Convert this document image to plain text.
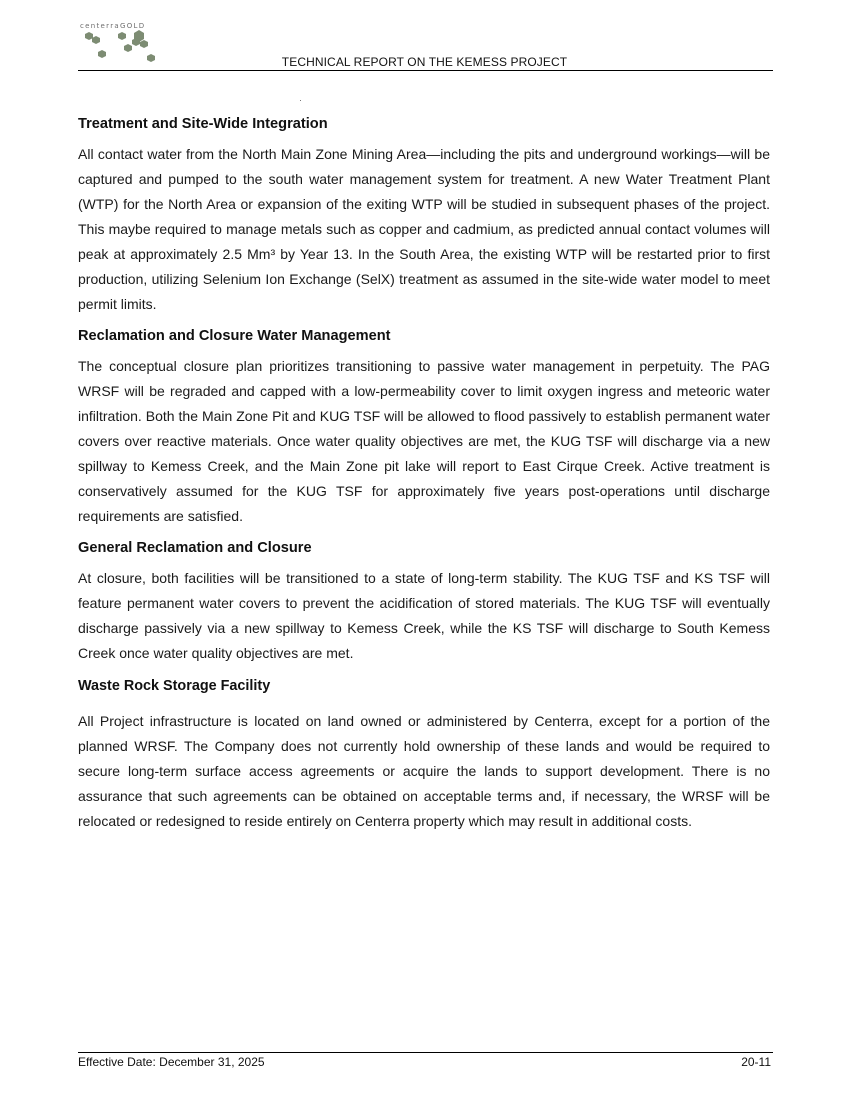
centerraGOLD
TECHNICAL REPORT ON THE KEMESS PROJECT
Treatment and Site-Wide Integration

All contact water from the North Main Zone Mining Area—including the pits and underground workings—will be captured and pumped to the south water management system for treatment. A new Water Treatment Plant (WTP) for the North Area or expansion of the exiting WTP will be studied in subsequent phases of the project. This maybe required to manage metals such as copper and cadmium, as predicted annual contact volumes will peak at approximately 2.5 Mm³ by Year 13. In the South Area, the existing WTP will be restarted prior to first production, utilizing Selenium Ion Exchange (SelX) treatment as assumed in the site-wide water model to meet permit limits.

Reclamation and Closure Water Management

The conceptual closure plan prioritizes transitioning to passive water management in perpetuity. The PAG WRSF will be regraded and capped with a low-permeability cover to limit oxygen ingress and meteoric water infiltration. Both the Main Zone Pit and KUG TSF will be allowed to flood passively to establish permanent water covers over reactive materials. Once water quality objectives are met, the KUG TSF will discharge via a new spillway to Kemess Creek, and the Main Zone pit lake will report to East Cirque Creek. Active treatment is conservatively assumed for the KUG TSF for approximately five years post-operations until discharge requirements are satisfied.

General Reclamation and Closure

At closure, both facilities will be transitioned to a state of long-term stability. The KUG TSF and KS TSF will feature permanent water covers to prevent the acidification of stored materials. The KUG TSF will eventually discharge passively via a new spillway to Kemess Creek, while the KS TSF will discharge to South Kemess Creek once water quality objectives are met.

Waste Rock Storage Facility

All Project infrastructure is located on land owned or administered by Centerra, except for a portion of the planned WRSF. The Company does not currently hold ownership of these lands and would be required to secure long-term surface access agreements or acquire the lands to support development. There is no assurance that such agreements can be obtained on acceptable terms and, if necessary, the WRSF will be relocated or redesigned to reside entirely on Centerra property which may result in additional costs.

Effective Date: December 31, 2025	20-11
